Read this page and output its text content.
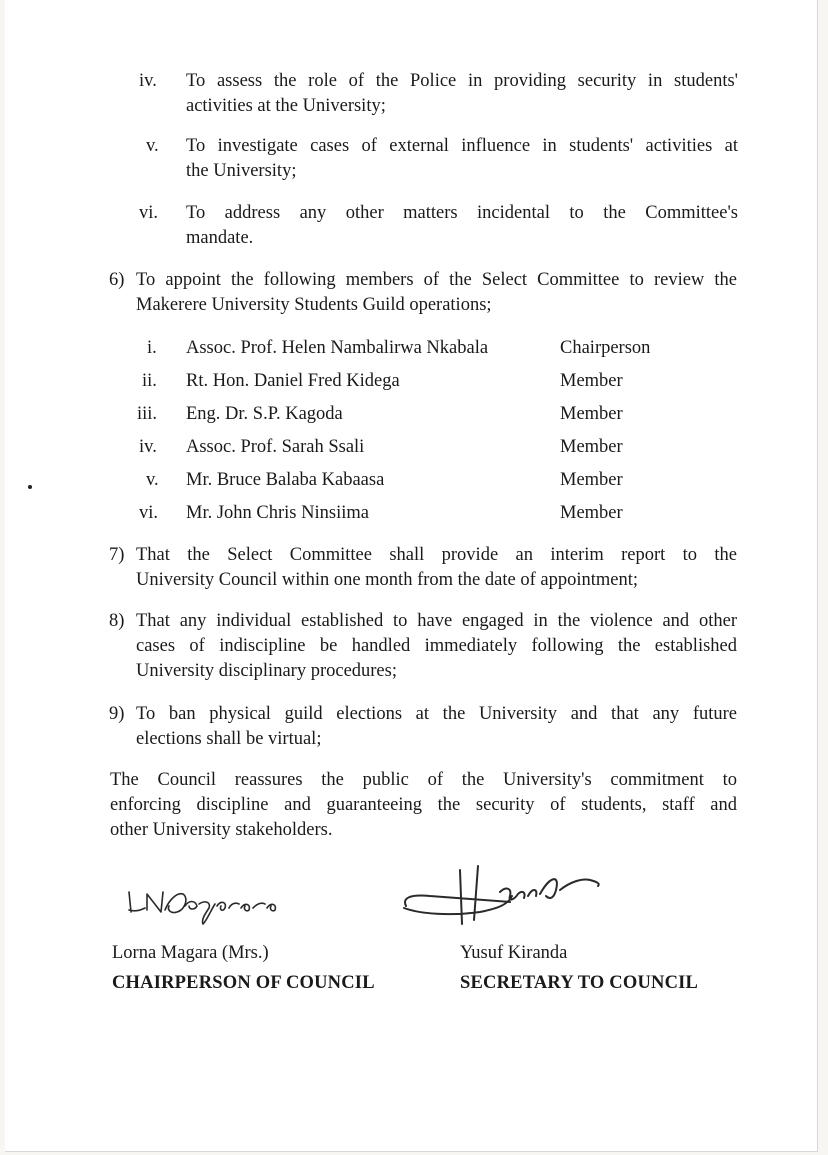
iv. To assess the role of the Police in providing security in students'
activities at the University;
v. To investigate cases of external influence in students' activities at
the University;
vi. To address any other matters incidental to the Committee's
mandate.
6) To appoint the following members of the Select Committee to review the
Makerere University Students Guild operations;
i. Assoc. Prof. Helen Nambalirwa Nkabala	Chairperson
ii. Rt. Hon. Daniel Fred Kidega	Member
iii. Eng. Dr. S.P. Kagoda	Member
iv. Assoc. Prof. Sarah Ssali	Member
v. Mr. Bruce Balaba Kabaasa	Member
vi. Mr. John Chris Ninsiima	Member
7) That the Select Committee shall provide an interim report to the
University Council within one month from the date of appointment;
8) That any individual established to have engaged in the violence and other
cases of indiscipline be handled immediately following the established
University disciplinary procedures;
9) To ban physical guild elections at the University and that any future
elections shall be virtual;
The Council reassures the public of the University's commitment to
enforcing discipline and guaranteeing the security of students, staff and
other University stakeholders.
Lorna Magara (Mrs.)
CHAIRPERSON OF COUNCIL
Yusuf Kiranda
SECRETARY TO COUNCIL
